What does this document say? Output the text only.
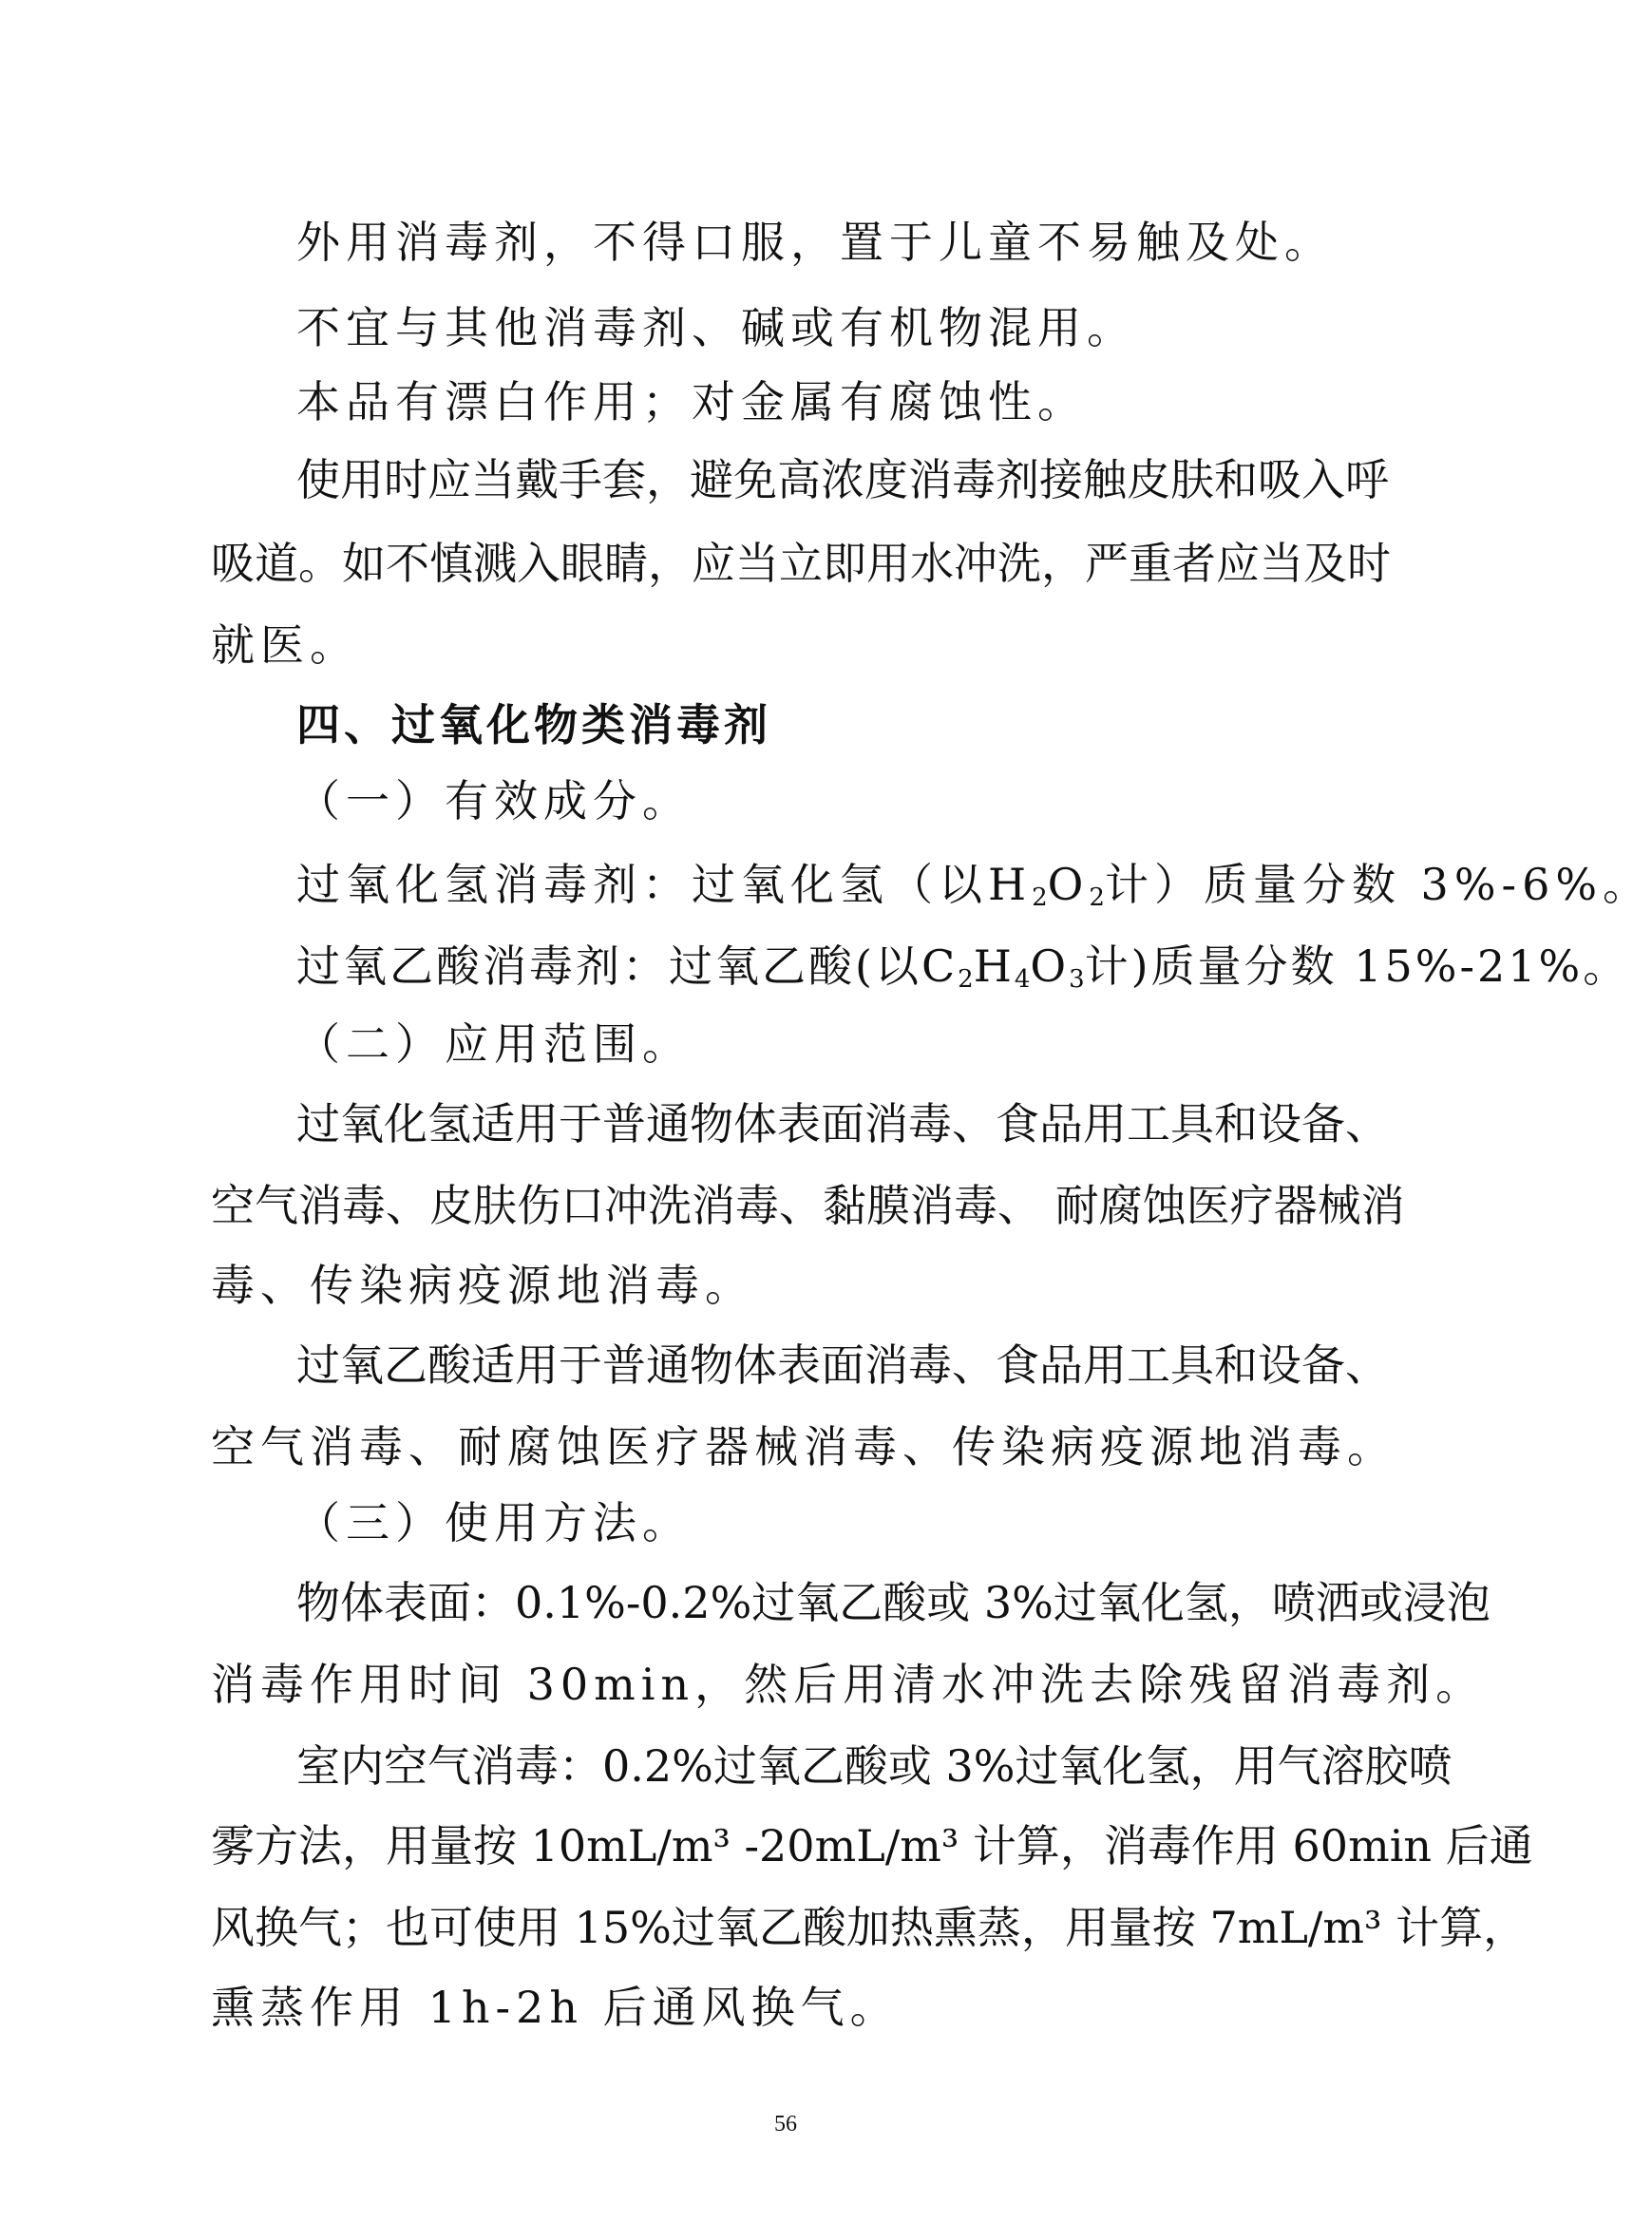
外用消毒剂，不得口服，置于儿童不易触及处。
不宜与其他消毒剂、碱或有机物混用。
本品有漂白作用；对金属有腐蚀性。
使用时应当戴手套，避免高浓度消毒剂接触皮肤和吸入呼
吸道。如不慎溅入眼睛，应当立即用水冲洗，严重者应当及时
就医。
四、过氧化物类消毒剂
（一）有效成分。
过氧化氢消毒剂：过氧化氢（以$H_2O_2$计）质量分数 3%-6%。
过氧乙酸消毒剂：过氧乙酸(以$C_2H_4O_3$计)质量分数 15%-21%。
（二）应用范围。
过氧化氢适用于普通物体表面消毒、食品用工具和设备、
空气消毒、皮肤伤口冲洗消毒、黏膜消毒、 耐腐蚀医疗器械消
毒、传染病疫源地消毒。
过氧乙酸适用于普通物体表面消毒、食品用工具和设备、
空气消毒、耐腐蚀医疗器械消毒、传染病疫源地消毒。
（三）使用方法。
物体表面：0.1%-0.2%过氧乙酸或 3%过氧化氢，喷洒或浸泡
消毒作用时间 30min，然后用清水冲洗去除残留消毒剂。
室内空气消毒：0.2%过氧乙酸或 3%过氧化氢，用气溶胶喷
雾方法，用量按 10mL/m³ -20mL/m³ 计算，消毒作用 60min 后通
风换气；也可使用 15%过氧乙酸加热熏蒸，用量按 7mL/m³ 计算，
熏蒸作用 1h-2h 后通风换气。
56
